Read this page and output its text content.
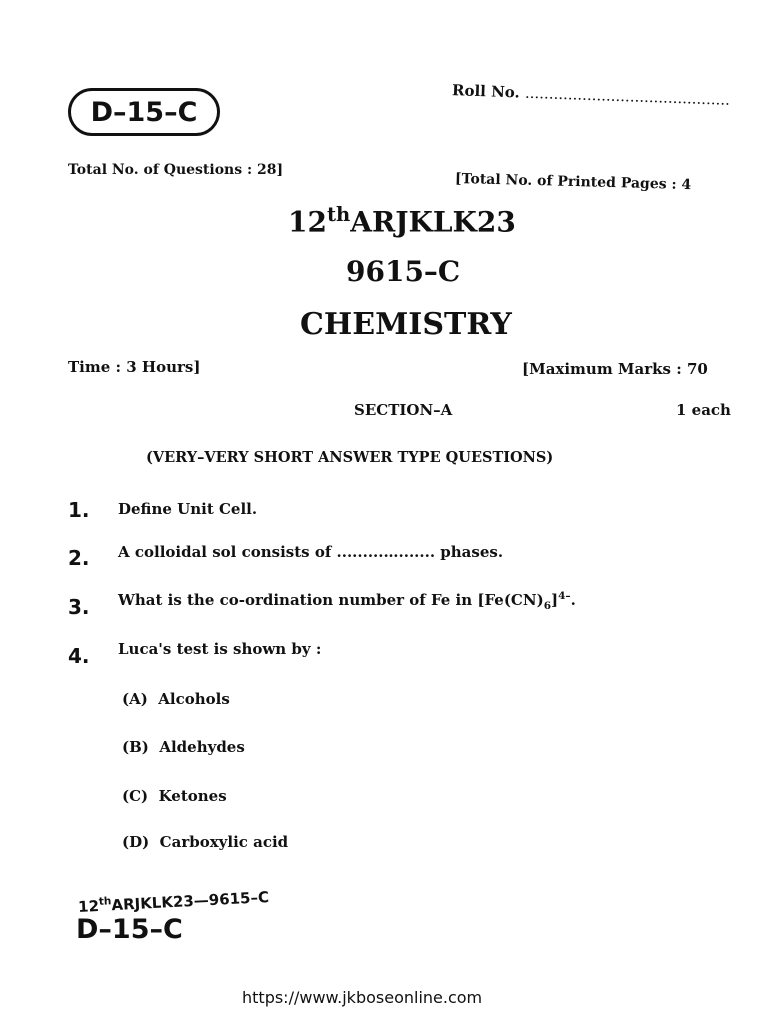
D–15–C
Roll No. ...........................................
Total No. of Questions : 28]
[Total No. of Printed Pages : 4
12thARJKLK23
9615–C
CHEMISTRY
Time : 3 Hours]	[Maximum Marks : 70
SECTION–A	1 each
(VERY–VERY SHORT ANSWER TYPE QUESTIONS)
1. Define Unit Cell.
2. A colloidal sol consists of .........…....... phases.
3. What is the co-ordination number of Fe in $[Fe(CN)_6]^{4-}$.
4. Luca's test is shown by :
(A) Alcohols
(B) Aldehydes
(C) Ketones
(D) Carboxylic acid
12thARJKLK23—9615–C
D–15–C
https://www.jkboseonline.com
